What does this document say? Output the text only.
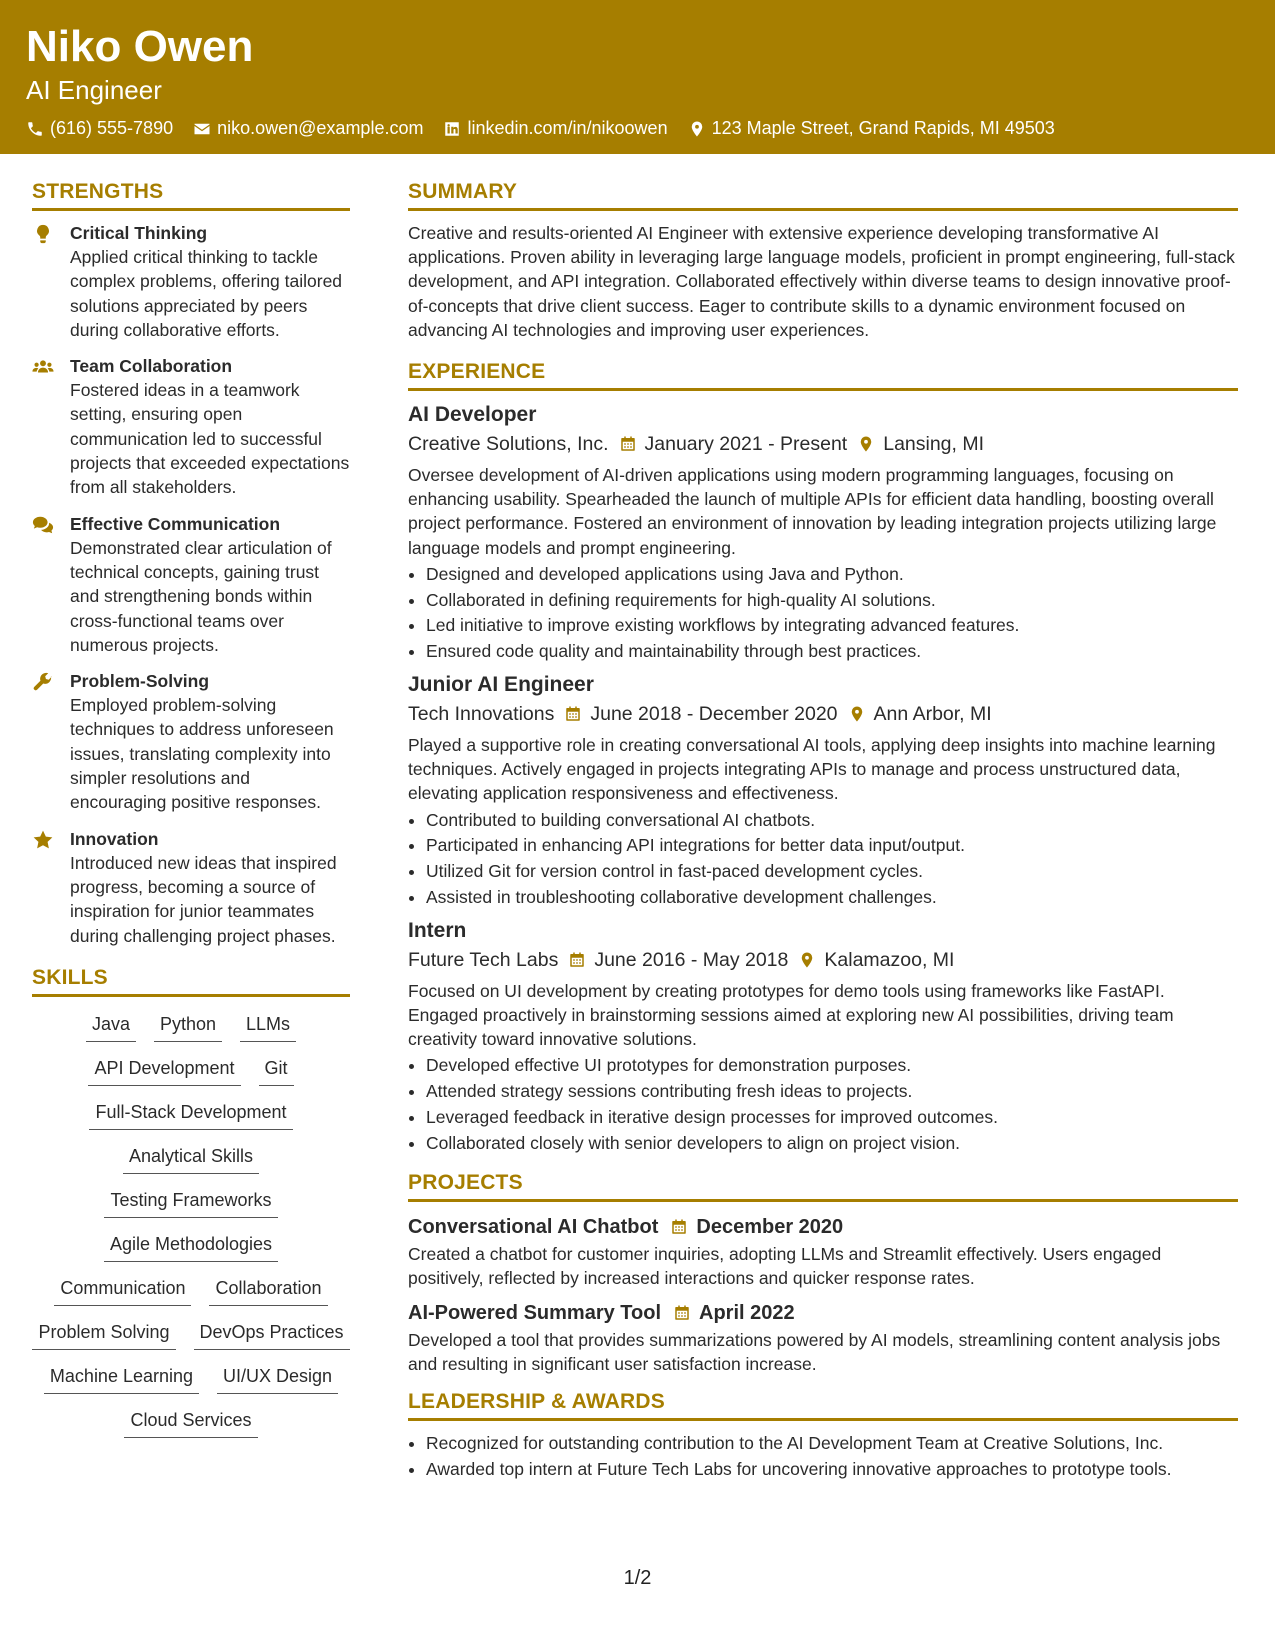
Niko Owen
AI Engineer
(616) 555-7890 niko.owen@example.com linkedin.com/in/nikoowen 123 Maple Street, Grand Rapids, MI 49503
STRENGTHS
Critical Thinking
Applied critical thinking to tackle complex problems, offering tailored solutions appreciated by peers during collaborative efforts.
Team Collaboration
Fostered ideas in a teamwork setting, ensuring open communication led to successful projects that exceeded expectations from all stakeholders.
Effective Communication
Demonstrated clear articulation of technical concepts, gaining trust and strengthening bonds within cross-functional teams over numerous projects.
Problem-Solving
Employed problem-solving techniques to address unforeseen issues, translating complexity into simpler resolutions and encouraging positive responses.
Innovation
Introduced new ideas that inspired progress, becoming a source of inspiration for junior teammates during challenging project phases.
SKILLS
Java	Python	LLMs
API Development	Git
Full-Stack Development
Analytical Skills
Testing Frameworks
Agile Methodologies
Communication	Collaboration
Problem Solving	DevOps Practices
Machine Learning	UI/UX Design
Cloud Services
SUMMARY
Creative and results-oriented AI Engineer with extensive experience developing transformative AI applications. Proven ability in leveraging large language models, proficient in prompt engineering, full-stack development, and API integration. Collaborated effectively within diverse teams to design innovative proof-of-concepts that drive client success. Eager to contribute skills to a dynamic environment focused on advancing AI technologies and improving user experiences.
EXPERIENCE
AI Developer
Creative Solutions, Inc. January 2021 - Present Lansing, MI
Oversee development of AI-driven applications using modern programming languages, focusing on enhancing usability. Spearheaded the launch of multiple APIs for efficient data handling, boosting overall project performance. Fostered an environment of innovation by leading integration projects utilizing large language models and prompt engineering.
• Designed and developed applications using Java and Python.
• Collaborated in defining requirements for high-quality AI solutions.
• Led initiative to improve existing workflows by integrating advanced features.
• Ensured code quality and maintainability through best practices.
Junior AI Engineer
Tech Innovations June 2018 - December 2020 Ann Arbor, MI
Played a supportive role in creating conversational AI tools, applying deep insights into machine learning techniques. Actively engaged in projects integrating APIs to manage and process unstructured data, elevating application responsiveness and effectiveness.
• Contributed to building conversational AI chatbots.
• Participated in enhancing API integrations for better data input/output.
• Utilized Git for version control in fast-paced development cycles.
• Assisted in troubleshooting collaborative development challenges.
Intern
Future Tech Labs June 2016 - May 2018 Kalamazoo, MI
Focused on UI development by creating prototypes for demo tools using frameworks like FastAPI. Engaged proactively in brainstorming sessions aimed at exploring new AI possibilities, driving team creativity toward innovative solutions.
• Developed effective UI prototypes for demonstration purposes.
• Attended strategy sessions contributing fresh ideas to projects.
• Leveraged feedback in iterative design processes for improved outcomes.
• Collaborated closely with senior developers to align on project vision.
PROJECTS
Conversational AI Chatbot December 2020
Created a chatbot for customer inquiries, adopting LLMs and Streamlit effectively. Users engaged positively, reflected by increased interactions and quicker response rates.
AI-Powered Summary Tool April 2022
Developed a tool that provides summarizations powered by AI models, streamlining content analysis jobs and resulting in significant user satisfaction increase.
LEADERSHIP & AWARDS
• Recognized for outstanding contribution to the AI Development Team at Creative Solutions, Inc.
• Awarded top intern at Future Tech Labs for uncovering innovative approaches to prototype tools.
1/2
